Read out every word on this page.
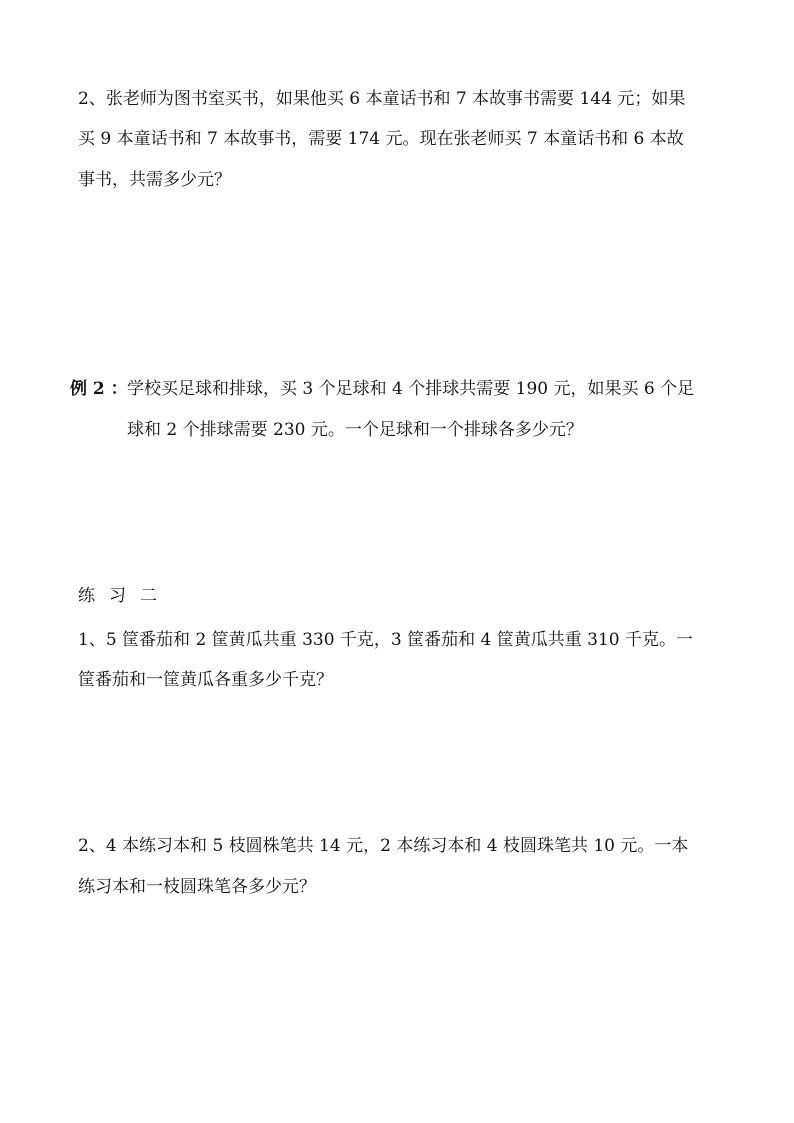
2、张老师为图书室买书，如果他买 6 本童话书和 7 本故事书需要 144 元；如果
买 9 本童话书和 7 本故事书，需要 174 元。现在张老师买 7 本童话书和 6 本故
事书，共需多少元？
例 2 ： 学校买足球和排球，买 3 个足球和 4 个排球共需要 190 元，如果买 6 个足
球和 2 个排球需要 230 元。一个足球和一个排球各多少元？
练习二
1、5 筐番茄和 2 筐黄瓜共重 330 千克，3 筐番茄和 4 筐黄瓜共重 310 千克。一
筐番茄和一筐黄瓜各重多少千克？
2、4 本练习本和 5 枝圆株笔共 14 元，2 本练习本和 4 枝圆珠笔共 10 元。一本
练习本和一枝圆珠笔各多少元？
